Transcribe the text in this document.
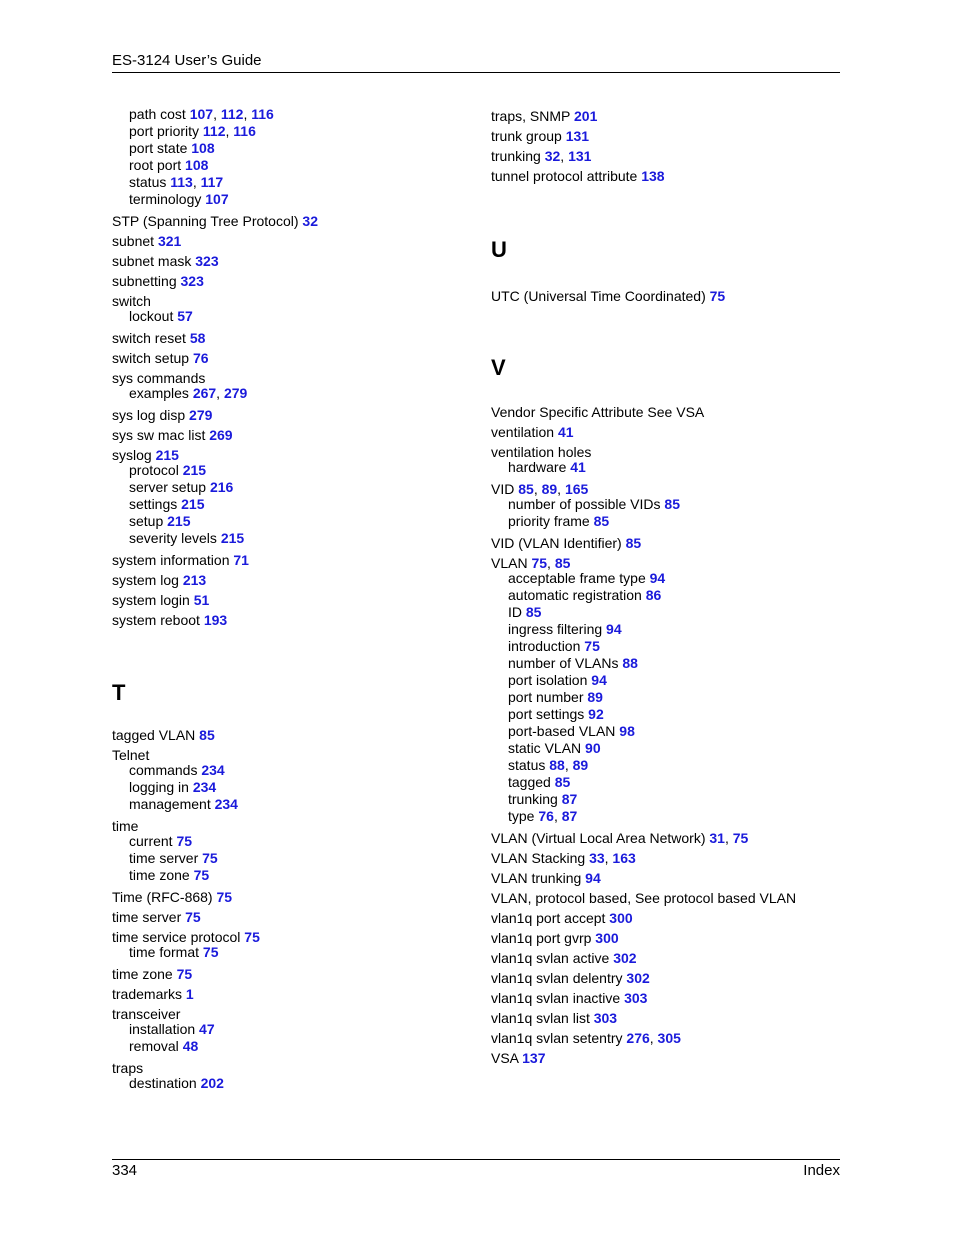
ES-3124 User’s Guide
path cost 107, 112, 116
port priority 112, 116
port state 108
root port 108
status 113, 117
terminology 107
STP (Spanning Tree Protocol) 32
subnet 321
subnet mask 323
subnetting 323
switch
lockout 57
switch reset 58
switch setup 76
sys commands
examples 267, 279
sys log disp 279
sys sw mac list 269
syslog 215
protocol 215
server setup 216
settings 215
setup 215
severity levels 215
system information 71
system log 213
system login 51
system reboot 193
T
tagged VLAN 85
Telnet
commands 234
logging in 234
management 234
time
current 75
time server 75
time zone 75
Time (RFC-868) 75
time server 75
time service protocol 75
time format 75
time zone 75
trademarks 1
transceiver
installation 47
removal 48
traps
destination 202
traps, SNMP 201
trunk group 131
trunking 32, 131
tunnel protocol attribute 138
U
UTC (Universal Time Coordinated) 75
V
Vendor Specific Attribute See VSA
ventilation 41
ventilation holes
hardware 41
VID 85, 89, 165
number of possible VIDs 85
priority frame 85
VID (VLAN Identifier) 85
VLAN 75, 85
acceptable frame type 94
automatic registration 86
ID 85
ingress filtering 94
introduction 75
number of VLANs 88
port isolation 94
port number 89
port settings 92
port-based VLAN 98
static VLAN 90
status 88, 89
tagged 85
trunking 87
type 76, 87
VLAN (Virtual Local Area Network) 31, 75
VLAN Stacking 33, 163
VLAN trunking 94
VLAN, protocol based, See protocol based VLAN
vlan1q port accept 300
vlan1q port gvrp 300
vlan1q svlan active 302
vlan1q svlan delentry 302
vlan1q svlan inactive 303
vlan1q svlan list 303
vlan1q svlan setentry 276, 305
VSA 137
334	Index
